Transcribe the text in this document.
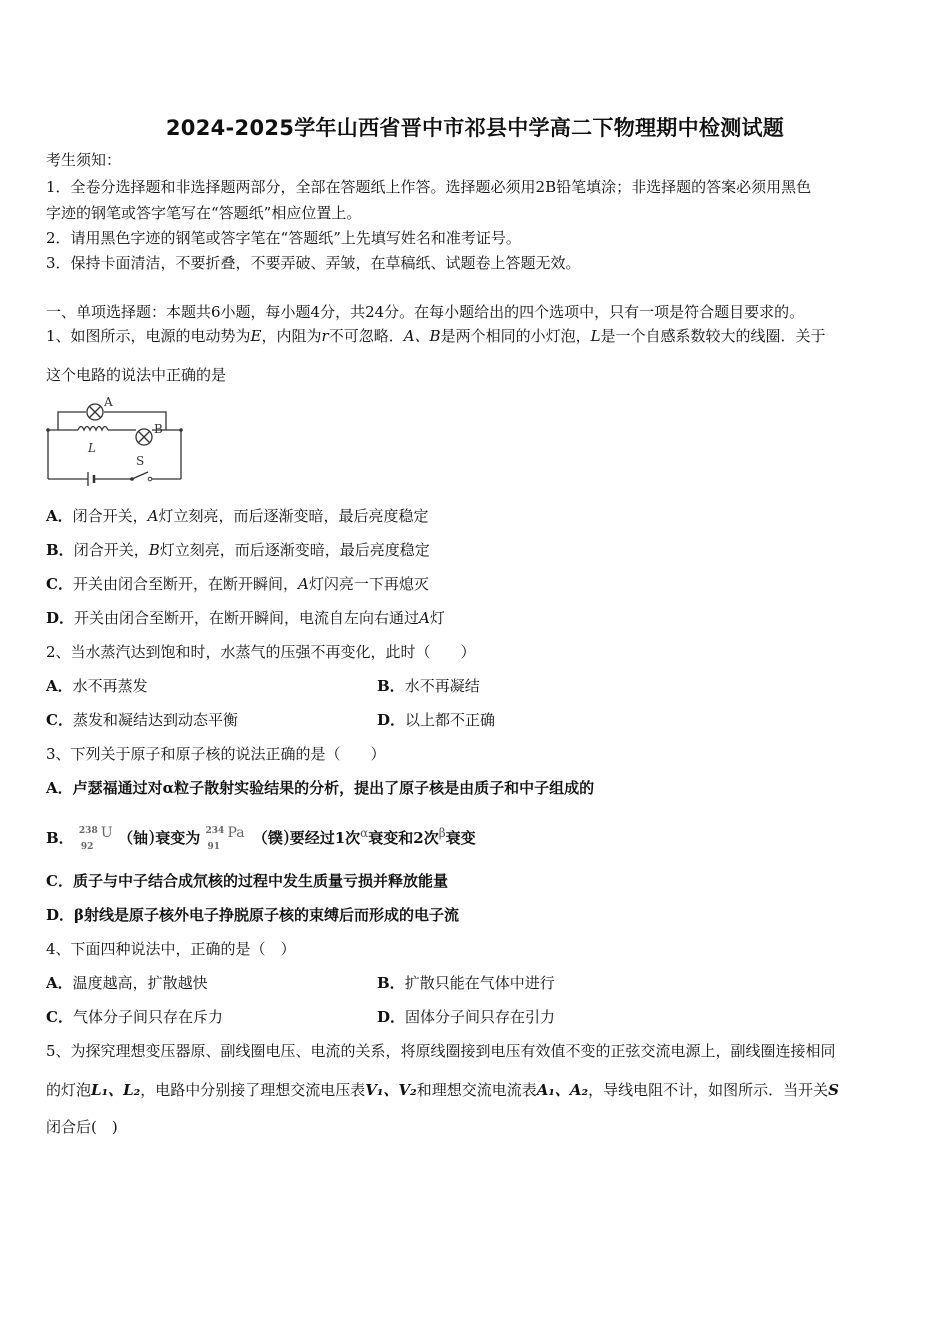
2024-2025学年山西省晋中市祁县中学高二下物理期中检测试题
考生须知：
1．全卷分选择题和非选择题两部分，全部在答题纸上作答。选择题必须用2B铅笔填涂；非选择题的答案必须用黑色
字迹的钢笔或答字笔写在“答题纸”相应位置上。
2．请用黑色字迹的钢笔或答字笔在“答题纸”上先填写姓名和准考证号。
3．保持卡面清洁，不要折叠，不要弄破、弄皱，在草稿纸、试题卷上答题无效。
一、单项选择题：本题共6小题，每小题4分，共24分。在每小题给出的四个选项中，只有一项是符合题目要求的。
1、如图所示，电源的电动势为E，内阻为r不可忽略．A、B是两个相同的小灯泡，L是一个自感系数较大的线圈．关于
这个电路的说法中正确的是
A
B
L
S
A．闭合开关，A灯立刻亮，而后逐渐变暗，最后亮度稳定
B．闭合开关，B灯立刻亮，而后逐渐变暗，最后亮度稳定
C．开关由闭合至断开，在断开瞬间，A灯闪亮一下再熄灭
D．开关由闭合至断开，在断开瞬间，电流自左向右通过A灯
2、当水蒸汽达到饱和时，水蒸气的压强不再变化，此时（　　）
A．水不再蒸发	B．水不再凝结
C．蒸发和凝结达到动态平衡	D．以上都不正确
3、下列关于原子和原子核的说法正确的是（　　）
A．卢瑟福通过对α粒子散射实验结果的分析，提出了原子核是由质子和中子组成的
B． 238
92
U （铀)衰变为 234
91
Pa （镤)要经过1次$^\alpha$衰变和2次$^\beta$衰变
C．质子与中子结合成氘核的过程中发生质量亏损并释放能量
D．β射线是原子核外电子挣脱原子核的束缚后而形成的电子流
4、下面四种说法中，正确的是（　）
A．温度越高，扩散越快	B．扩散只能在气体中进行
C．气体分子间只存在斥力	D．固体分子间只存在引力
5、为探究理想变压器原、副线圈电压、电流的关系，将原线圈接到电压有效值不变的正弦交流电源上，副线圈连接相同
的灯泡L₁、L₂，电路中分别接了理想交流电压表V₁、V₂和理想交流电流表A₁、A₂，导线电阻不计，如图所示．当开关S
闭合后(　)
